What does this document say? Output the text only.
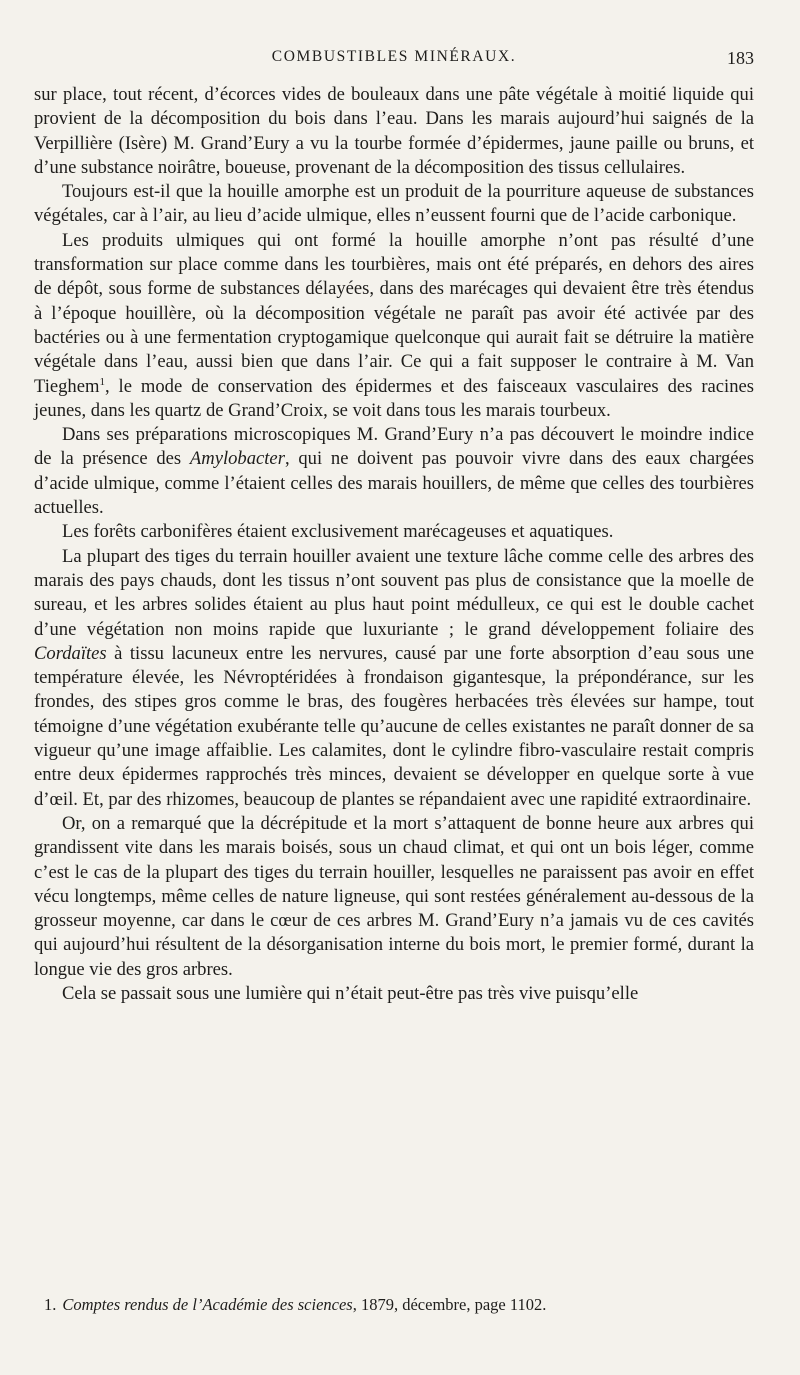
COMBUSTIBLES MINÉRAUX.	183

sur place, tout récent, d’écorces vides de bouleaux dans une pâte végétale à moitié liquide qui provient de la décomposition du bois dans l’eau. Dans les marais aujourd’hui saignés de la Verpillière (Isère) M. Grand’Eury a vu la tourbe formée d’épidermes, jaune paille ou bruns, et d’une substance noirâtre, boueuse, provenant de la décomposition des tissus cellulaires.

Toujours est-il que la houille amorphe est un produit de la pourriture aqueuse de substances végétales, car à l’air, au lieu d’acide ulmique, elles n’eussent fourni que de l’acide carbonique.

Les produits ulmiques qui ont formé la houille amorphe n’ont pas résulté d’une transformation sur place comme dans les tourbières, mais ont été préparés, en dehors des aires de dépôt, sous forme de substances délayées, dans des marécages qui devaient être très étendus à l’époque houillère, où la décomposition végétale ne paraît pas avoir été activée par des bactéries ou à une fermentation cryptogamique quelconque qui aurait fait se détruire la matière végétale dans l’eau, aussi bien que dans l’air. Ce qui a fait supposer le contraire à M. Van Tieghem$^1$, le mode de conservation des épidermes et des faisceaux vasculaires des racines jeunes, dans les quartz de Grand’Croix, se voit dans tous les marais tourbeux.

Dans ses préparations microscopiques M. Grand’Eury n’a pas découvert le moindre indice de la présence des Amylobacter, qui ne doivent pas pouvoir vivre dans des eaux chargées d’acide ulmique, comme l’étaient celles des marais houillers, de même que celles des tourbières actuelles.

Les forêts carbonifères étaient exclusivement marécageuses et aquatiques.

La plupart des tiges du terrain houiller avaient une texture lâche comme celle des arbres des marais des pays chauds, dont les tissus n’ont souvent pas plus de consistance que la moelle de sureau, et les arbres solides étaient au plus haut point médulleux, ce qui est le double cachet d’une végétation non moins rapide que luxuriante ; le grand développement foliaire des Cordaïtes à tissu lacuneux entre les nervures, causé par une forte absorption d’eau sous une température élevée, les Névroptéridées à frondaison gigantesque, la prépondérance, sur les frondes, des stipes gros comme le bras, des fougères herbacées très élevées sur hampe, tout témoigne d’une végétation exubérante telle qu’aucune de celles existantes ne paraît donner de sa vigueur qu’une image affaiblie. Les calamites, dont le cylindre fibro-vasculaire restait compris entre deux épidermes rapprochés très minces, devaient se développer en quelque sorte à vue d’œil. Et, par des rhizomes, beaucoup de plantes se répandaient avec une rapidité extraordinaire.

Or, on a remarqué que la décrépitude et la mort s’attaquent de bonne heure aux arbres qui grandissent vite dans les marais boisés, sous un chaud climat, et qui ont un bois léger, comme c’est le cas de la plupart des tiges du terrain houiller, lesquelles ne paraissent pas avoir en effet vécu longtemps, même celles de nature ligneuse, qui sont restées généralement au-dessous de la grosseur moyenne, car dans le cœur de ces arbres M. Grand’Eury n’a jamais vu de ces cavités qui aujourd’hui résultent de la désorganisation interne du bois mort, le premier formé, durant la longue vie des gros arbres.

Cela se passait sous une lumière qui n’était peut-être pas très vive puisqu’elle

1. Comptes rendus de l’Académie des sciences, 1879, décembre, page 1102.
